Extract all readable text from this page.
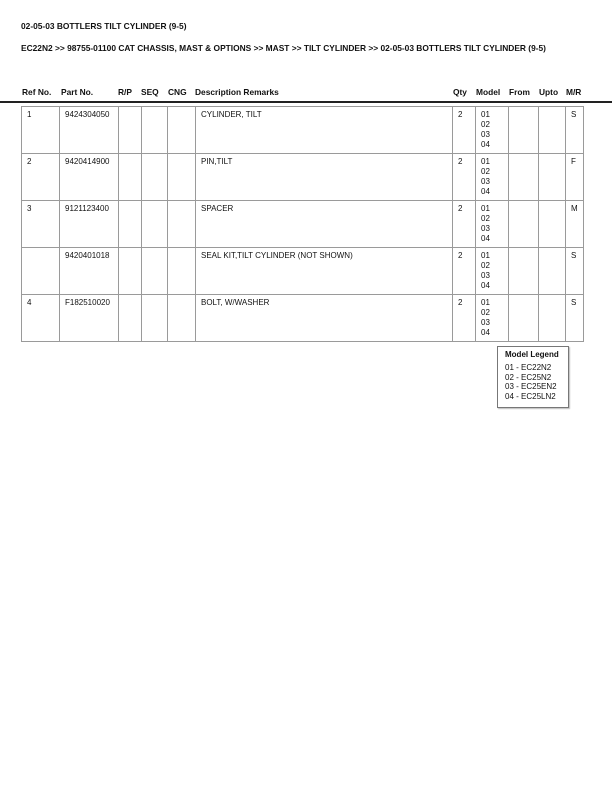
02-05-03 BOTTLERS TILT CYLINDER (9-5)
EC22N2 >> 98755-01100 CAT CHASSIS, MAST & OPTIONS >> MAST >> TILT CYLINDER >> 02-05-03 BOTTLERS TILT CYLINDER (9-5)
Ref No. Part No.	R/P SEQ CNG Description Remarks	Qty Model From Upto M/R
1	9424304050				CYLINDER, TILT	2	01
02
03
04			S
2	9420414900				PIN,TILT	2	01
02
03
04			F
3	9121123400				SPACER	2	01
02
03
04			M
	9420401018				SEAL KIT,TILT CYLINDER (NOT SHOWN)	2	01
02
03
04			S
4	F182510020				BOLT, W/WASHER	2	01
02
03
04			S
Model Legend
01 - EC22N2
02 - EC25N2
03 - EC25EN2
04 - EC25LN2
